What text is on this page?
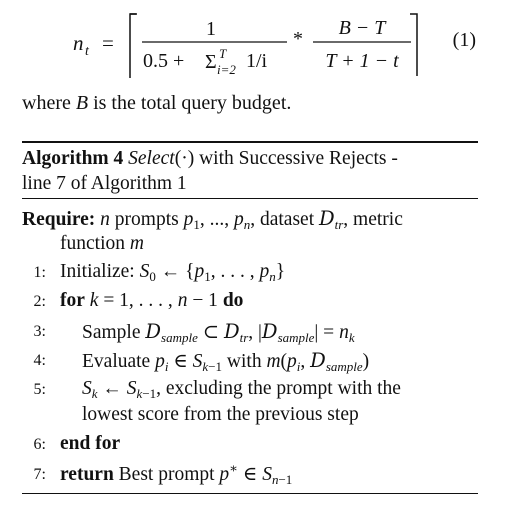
n t =
1
0.5 + Σ T
i=2 1/i
* B − T
T + 1 − t
(1)
where B is the total query budget.
Algorithm 4 Select(·) with Successive Rejects -
line 7 of Algorithm 1
Require: n prompts $p_1$, ..., $p_n$, dataset $D_{tr}$, metric
function m
1: Initialize: $S_0$ ← {$p_1$, . . . , $p_n$}
2: for k = 1, . . . , n − 1 do
3: Sample $D_{sample}$ ⊂ $D_{tr}$, $|D_{sample}| = n_k$
4: Evaluate $p_i$ ∈ $S_{k-1}$ with $m(p_i$, $D_{sample}$)
5: $S_k$ ← $S_{k-1}$, excluding the prompt with the
lowest score from the previous step
6: end for
7: return Best prompt p∗ ∈ $S_{n-1}$
